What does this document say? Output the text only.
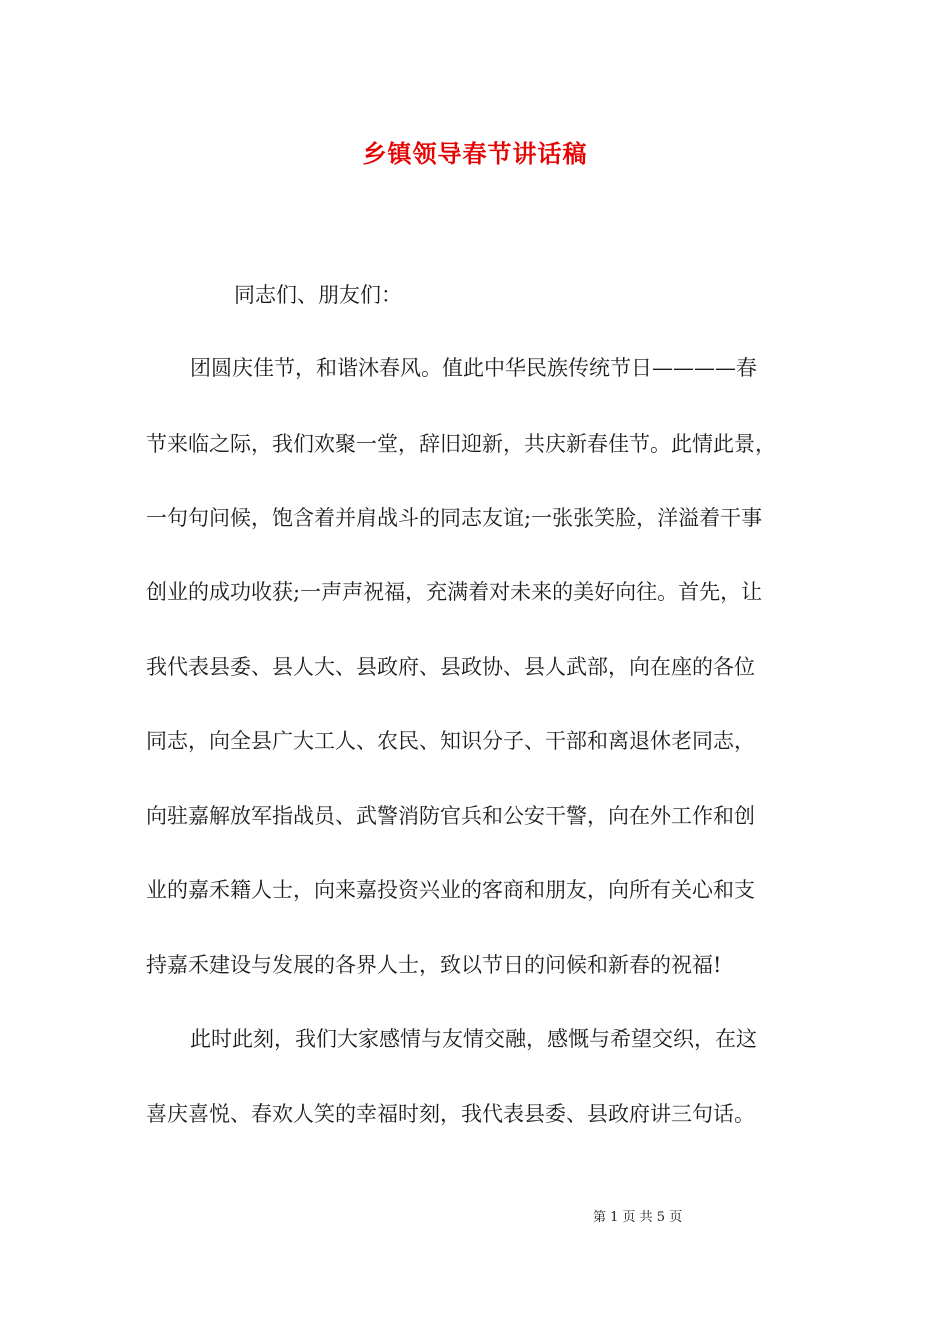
乡镇领导春节讲话稿
同志们、朋友们：
团圆庆佳节，和谐沐春风。值此中华民族传统节日————春
节来临之际，我们欢聚一堂，辞旧迎新，共庆新春佳节。此情此景，
一句句问候，饱含着并肩战斗的同志友谊;一张张笑脸，洋溢着干事
创业的成功收获;一声声祝福，充满着对未来的美好向往。首先，让
我代表县委、县人大、县政府、县政协、县人武部，向在座的各位
同志，向全县广大工人、农民、知识分子、干部和离退休老同志，
向驻嘉解放军指战员、武警消防官兵和公安干警，向在外工作和创
业的嘉禾籍人士，向来嘉投资兴业的客商和朋友，向所有关心和支
持嘉禾建设与发展的各界人士，致以节日的问候和新春的祝福!
此时此刻，我们大家感情与友情交融，感慨与希望交织，在这
喜庆喜悦、春欢人笑的幸福时刻，我代表县委、县政府讲三句话。
第 1 页 共 5 页
